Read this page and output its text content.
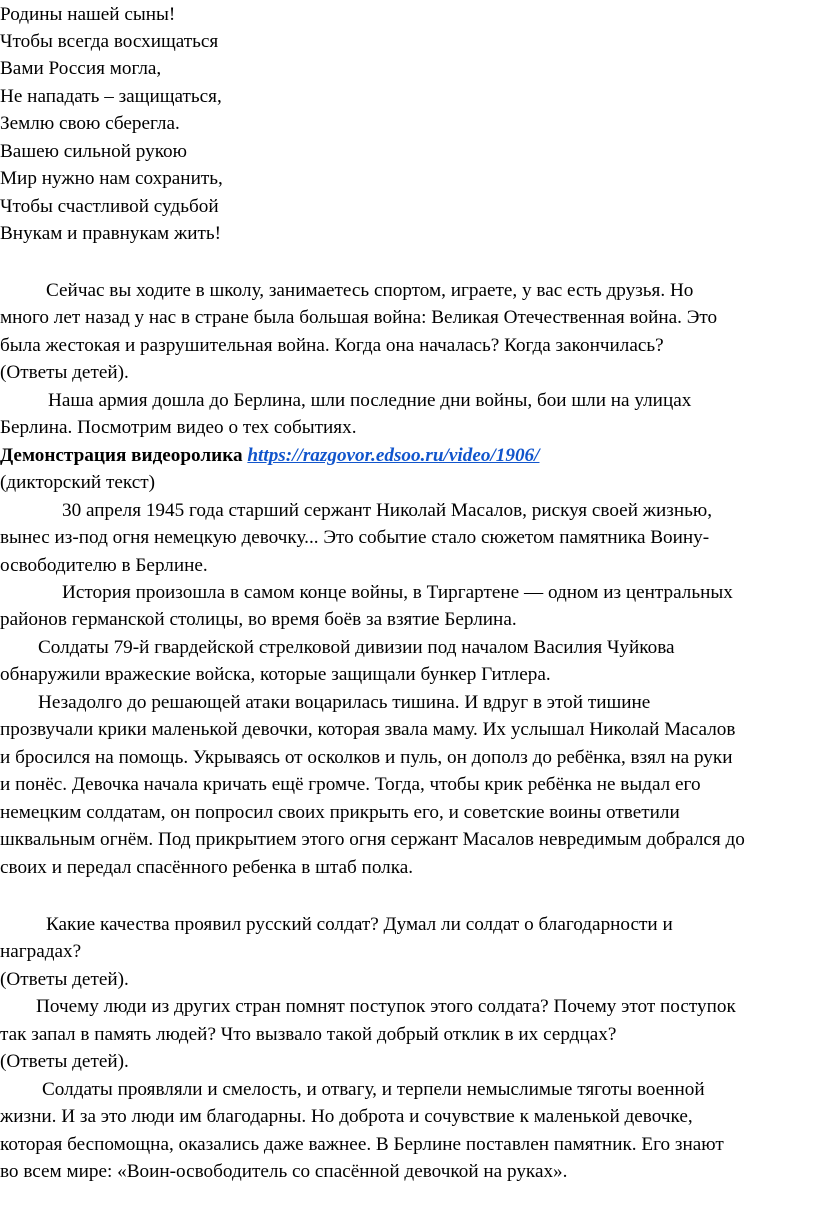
Родины нашей сыны!
Чтобы всегда восхищаться
Вами Россия могла,
Не нападать – защищаться,
Землю свою сберегла.
Вашею сильной рукою
Мир нужно нам сохранить,
Чтобы счастливой судьбой
Внукам и правнукам жить!
Сейчас вы ходите в школу, занимаетесь спортом, играете, у вас есть друзья. Но
много лет назад у нас в стране была большая война: Великая Отечественная война. Это
была жестокая и разрушительная война. Когда она началась? Когда закончилась?
(Ответы детей).
Наша армия дошла до Берлина, шли последние дни войны, бои шли на улицах
Берлина. Посмотрим видео о тех событиях.
Демонстрация видеоролика https://razgovor.edsoo.ru/video/1906/
(дикторский текст)
30 апреля 1945 года старший сержант Николай Масалов, рискуя своей жизнью,
вынес из-под огня немецкую девочку... Это событие стало сюжетом памятника Воину-
освободителю в Берлине.
История произошла в самом конце войны, в Тиргартене — одном из центральных
районов германской столицы, во время боёв за взятие Берлина.
Солдаты 79-й гвардейской стрелковой дивизии под началом Василия Чуйкова
обнаружили вражеские войска, которые защищали бункер Гитлера.
Незадолго до решающей атаки воцарилась тишина. И вдруг в этой тишине
прозвучали крики маленькой девочки, которая звала маму. Их услышал Николай Масалов
и бросился на помощь. Укрываясь от осколков и пуль, он дополз до ребёнка, взял на руки
и понёс. Девочка начала кричать ещё громче. Тогда, чтобы крик ребёнка не выдал его
немецким солдатам, он попросил своих прикрыть его, и советские воины ответили
шквальным огнём. Под прикрытием этого огня сержант Масалов невредимым добрался до
своих и передал спасённого ребенка в штаб полка.
Какие качества проявил русский солдат? Думал ли солдат о благодарности и
наградах?
(Ответы детей).
Почему люди из других стран помнят поступок этого солдата? Почему этот поступок
так запал в память людей? Что вызвало такой добрый отклик в их сердцах?
(Ответы детей).
Солдаты проявляли и смелость, и отвагу, и терпели немыслимые тяготы военной
жизни. И за это люди им благодарны. Но доброта и сочувствие к маленькой девочке,
которая беспомощна, оказались даже важнее. В Берлине поставлен памятник. Его знают
во всем мире: «Воин-освободитель со спасённой девочкой на руках».
